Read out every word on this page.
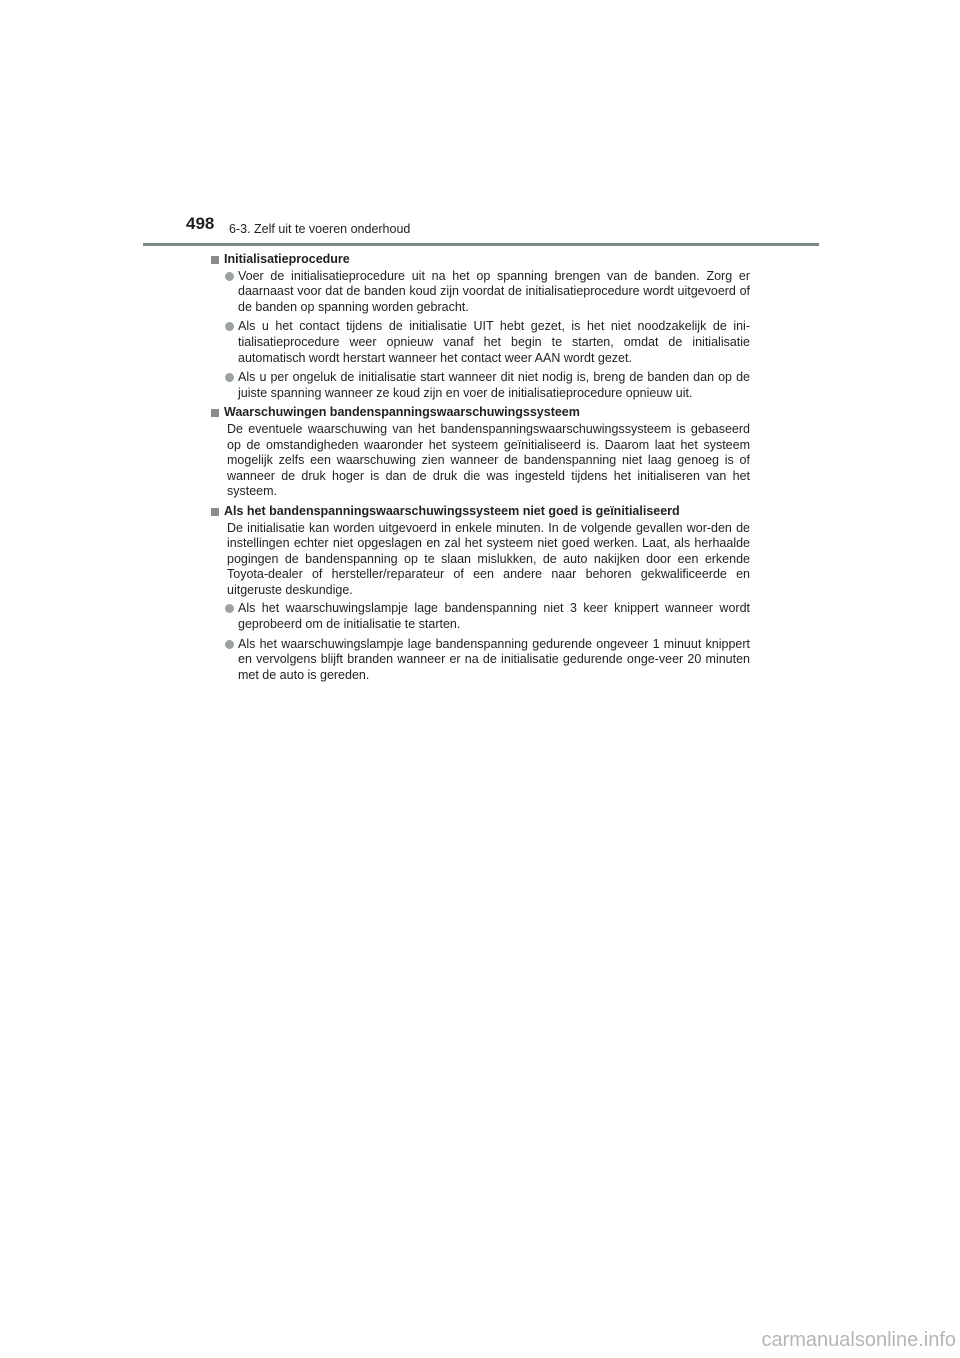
498 6-3. Zelf uit te voeren onderhoud
Initialisatieprocedure
Voer de initialisatieprocedure uit na het op spanning brengen van de banden. Zorg er daarnaast voor dat de banden koud zijn voordat de initialisatieprocedure wordt uitgevoerd of de banden op spanning worden gebracht.
Als u het contact tijdens de initialisatie UIT hebt gezet, is het niet noodzakelijk de ini-tialisatieprocedure weer opnieuw vanaf het begin te starten, omdat de initialisatie automatisch wordt herstart wanneer het contact weer AAN wordt gezet.
Als u per ongeluk de initialisatie start wanneer dit niet nodig is, breng de banden dan op de juiste spanning wanneer ze koud zijn en voer de initialisatieprocedure opnieuw uit.
Waarschuwingen bandenspanningswaarschuwingssysteem
De eventuele waarschuwing van het bandenspanningswaarschuwingssysteem is gebaseerd op de omstandigheden waaronder het systeem geïnitialiseerd is. Daarom laat het systeem mogelijk zelfs een waarschuwing zien wanneer de bandenspanning niet laag genoeg is of wanneer de druk hoger is dan de druk die was ingesteld tijdens het initialiseren van het systeem.
Als het bandenspanningswaarschuwingssysteem niet goed is geïnitialiseerd
De initialisatie kan worden uitgevoerd in enkele minuten. In de volgende gevallen wor-den de instellingen echter niet opgeslagen en zal het systeem niet goed werken. Laat, als herhaalde pogingen de bandenspanning op te slaan mislukken, de auto nakijken door een erkende Toyota-dealer of hersteller/reparateur of een andere naar behoren gekwalificeerde en uitgeruste deskundige.
Als het waarschuwingslampje lage bandenspanning niet 3 keer knippert wanneer wordt geprobeerd om de initialisatie te starten.
Als het waarschuwingslampje lage bandenspanning gedurende ongeveer 1 minuut knippert en vervolgens blijft branden wanneer er na de initialisatie gedurende onge-veer 20 minuten met de auto is gereden.
carmanualsonline.info
